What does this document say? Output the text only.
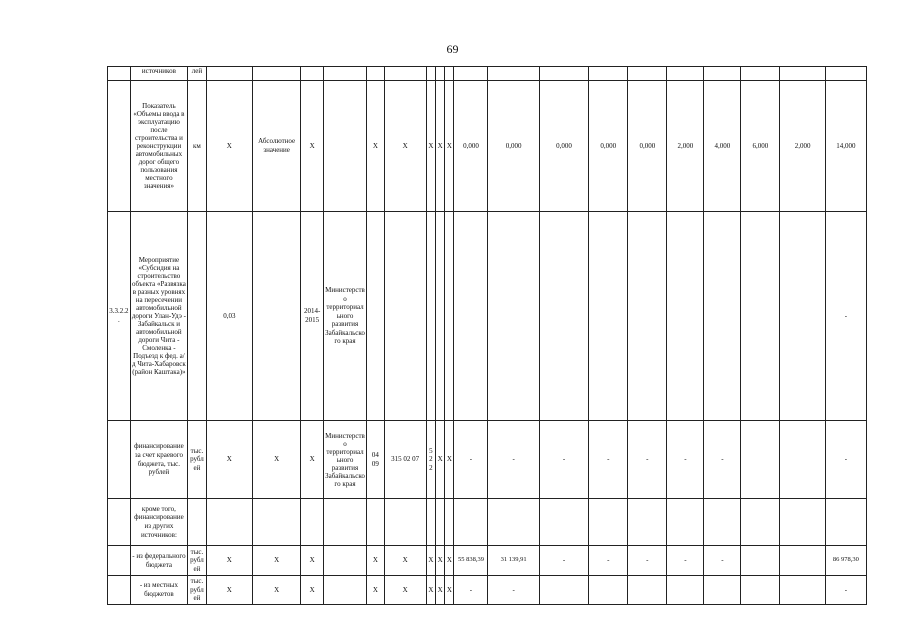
69
	источников	лей																			
	Показатель «Объемы ввода в эксплуатацию после строительства и реконструкции автомобильных дорог общего пользования местного значения»	км	X	Абсолютное значение	X		X	X	X	X	X	0,000	0,000	0,000	0,000	0,000	2,000	4,000	6,000	2,000	14,000
3.3.2.2.	Мероприятие «Субсидия на строительство объекта «Развязка в разных уровнях на пересечении автомобильной дороги Улан-Удэ - Забайкальск и автомобильной дороги Чита - Смоленка - Подъезд к фед. а/д Чита-Хабаровск (район Каштака)»		0,03		2014-2015	Министерство территориального развития Забайкальского края															-
	финансирование за счет краевого бюджета, тыс. рублей	тыс. рублей	X	X	X	Министерство территориального развития Забайкальского края	04 09	315 02 07	5 2 2	X	X	-	-	-	-	-	-	-			-
	кроме того, финансирование из других источников:																				
	- из федерального бюджета	тыс. рублей	X	X	X		X	X	X	X	X	55 838,39	31 139,91	-	-	-	-	-			86 978,30
	- из местных бюджетов	тыс. рублей	X	X	X		X	X	X	X	X	-	-								-
